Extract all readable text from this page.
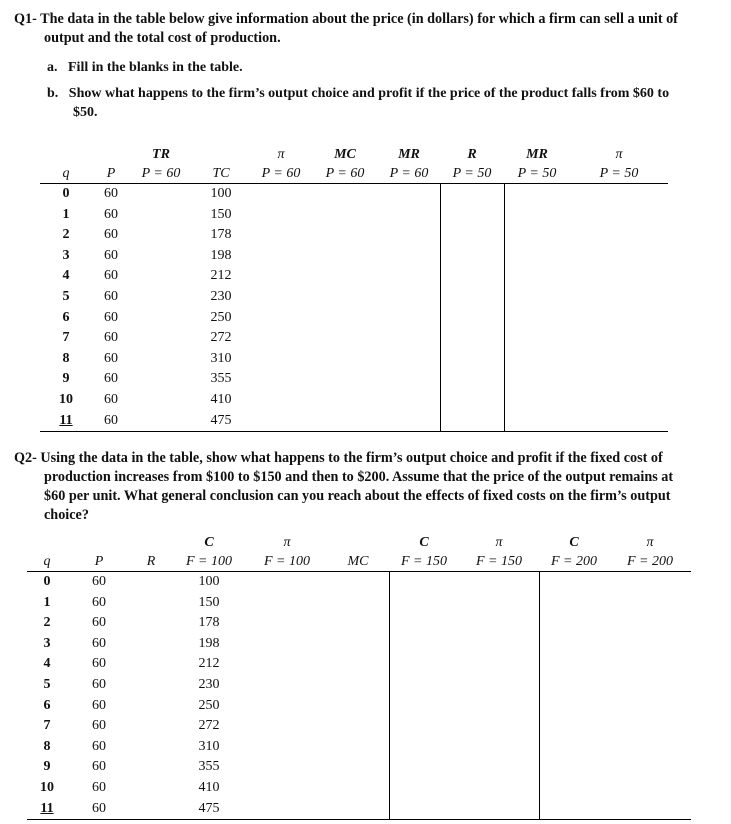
Q1- The data in the table below give information about the price (in dollars) for which a firm can sell a unit of output and the total cost of production.
a.   Fill in the blanks in the table.
b.   Show what happens to the firm’s output choice and profit if the price of the product falls from $60 to $50.
		TR		π	MC	MR	R	MR	π
q	P	P = 60	TC	P = 60	P = 60	P = 60	P = 50	P = 50	P = 50
0	60		100						
1	60		150						
2	60		178						
3	60		198						
4	60		212						
5	60		230						
6	60		250						
7	60		272						
8	60		310						
9	60		355						
10	60		410						
11	60		475						
Q2- Using the data in the table, show what happens to the firm’s output choice and profit if the fixed cost of production increases from $100 to $150 and then to $200. Assume that the price of the output remains at $60 per unit. What general conclusion can you reach about the effects of fixed costs on the firm’s output choice?
			C	π		C	π	C	π
q	P	R	F = 100	F = 100	MC	F = 150	F = 150	F = 200	F = 200
0	60		100						
1	60		150						
2	60		178						
3	60		198						
4	60		212						
5	60		230						
6	60		250						
7	60		272						
8	60		310						
9	60		355						
10	60		410						
11	60		475						
